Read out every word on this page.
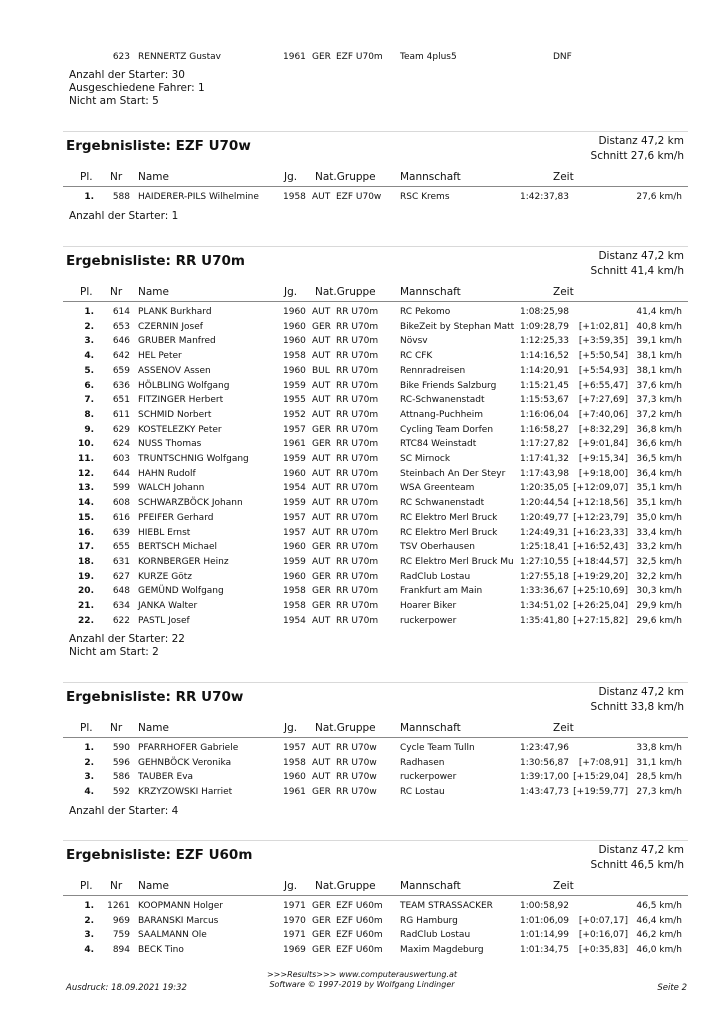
623 RENNERTZ Gustav	1961 GER EZF U70m Team 4plus5	DNF
Anzahl der Starter: 30
Ausgeschiedene Fahrer: 1
Nicht am Start: 5
Ergebnisliste: EZF U70w	Distanz 47,2 km
Schnitt 27,6 km/h
Pl. Nr Name	Jg. Nat.Gruppe Mannschaft	Zeit
1.	588 HAIDERER-PILS Wilhelmine	1958 AUT EZF U70w RSC Krems	1:42:37,83	27,6 km/h
Anzahl der Starter: 1
Ergebnisliste: RR U70m	Distanz 47,2 km
Schnitt 41,4 km/h
Pl. Nr Name	Jg. Nat.Gruppe Mannschaft	Zeit
1.	614 PLANK Burkhard	1960 AUT RR U70m RC Pekomo	1:08:25,98	41,4 km/h
2.	653 CZERNIN Josef	1960 GER RR U70m BikeZeit by Stephan Matt 1:09:28,79	[+1:02,81] 40,8 km/h
3.	646 GRUBER Manfred	1960 AUT RR U70m Növsv	1:12:25,33	[+3:59,35] 39,1 km/h
4.	642 HEL Peter	1958 AUT RR U70m RC CFK	1:14:16,52	[+5:50,54] 38,1 km/h
5.	659 ASSENOV Assen	1960 BUL RR U70m Rennradreisen	1:14:20,91	[+5:54,93] 38,1 km/h
6.	636 HÖLBLING Wolfgang	1959 AUT RR U70m Bike Friends Salzburg	1:15:21,45	[+6:55,47] 37,6 km/h
7.	651 FITZINGER Herbert	1955 AUT RR U70m RC-Schwanenstadt	1:15:53,67	[+7:27,69] 37,3 km/h
8.	611 SCHMID Norbert	1952 AUT RR U70m Attnang-Puchheim	1:16:06,04	[+7:40,06] 37,2 km/h
9.	629 KOSTELEZKY Peter	1957 GER RR U70m Cycling Team Dorfen	1:16:58,27	[+8:32,29] 36,8 km/h
10.	624 NUSS Thomas	1961 GER RR U70m RTC84 Weinstadt	1:17:27,82	[+9:01,84] 36,6 km/h
11.	603 TRUNTSCHNIG Wolfgang	1959 AUT RR U70m SC Mirnock	1:17:41,32	[+9:15,34] 36,5 km/h
12.	644 HAHN Rudolf	1960 AUT RR U70m Steinbach An Der Steyr 1:17:43,98	[+9:18,00] 36,4 km/h
13.	599 WALCH Johann	1954 AUT RR U70m WSA Greenteam	1:20:35,05 [+12:09,07] 35,1 km/h
14.	608 SCHWARZBÖCK Johann	1959 AUT RR U70m RC Schwanenstadt	1:20:44,54 [+12:18,56] 35,1 km/h
15.	616 PFEIFER Gerhard	1957 AUT RR U70m RC Elektro Merl Bruck	1:20:49,77 [+12:23,79] 35,0 km/h
16.	639 HIEBL Ernst	1957 AUT RR U70m RC Elektro Merl Bruck	1:24:49,31 [+16:23,33] 33,4 km/h
17.	655 BERTSCH Michael	1960 GER RR U70m TSV Oberhausen	1:25:18,41 [+16:52,43] 33,2 km/h
18.	631 KORNBERGER Heinz	1959 AUT RR U70m RC Elektro Merl Bruck Mu 1:27:10,55 [+18:44,57] 32,5 km/h
19.	627 KURZE Götz	1960 GER RR U70m RadClub Lostau	1:27:55,18 [+19:29,20] 32,2 km/h
20.	648 GEMÜND Wolfgang	1958 GER RR U70m Frankfurt am Main	1:33:36,67 [+25:10,69] 30,3 km/h
21.	634 JANKA Walter	1958 GER RR U70m Hoarer Biker	1:34:51,02 [+26:25,04] 29,9 km/h
22.	622 PASTL Josef	1954 AUT RR U70m ruckerpower	1:35:41,80 [+27:15,82] 29,6 km/h
Anzahl der Starter: 22
Nicht am Start: 2
Ergebnisliste: RR U70w	Distanz 47,2 km
Schnitt 33,8 km/h
Pl. Nr Name	Jg. Nat.Gruppe Mannschaft	Zeit
1.	590 PFARRHOFER Gabriele	1957 AUT RR U70w	Cycle Team Tulln	1:23:47,96	33,8 km/h
2.	596 GEHNBÖCK Veronika	1958 AUT RR U70w	Radhasen	1:30:56,87	[+7:08,91] 31,1 km/h
3.	586 TAUBER Eva	1960 AUT RR U70w	ruckerpower	1:39:17,00 [+15:29,04] 28,5 km/h
4.	592 KRZYZOWSKI Harriet	1961 GER RR U70w	RC Lostau	1:43:47,73 [+19:59,77] 27,3 km/h
Anzahl der Starter: 4
Ergebnisliste: EZF U60m	Distanz 47,2 km
Schnitt 46,5 km/h
Pl. Nr Name	Jg. Nat.Gruppe Mannschaft	Zeit
1.	1261 KOOPMANN Holger	1971 GER EZF U60m TEAM STRASSACKER	1:00:58,92	46,5 km/h
2.	969 BARANSKI Marcus	1970 GER EZF U60m RG Hamburg	1:01:06,09	[+0:07,17] 46,4 km/h
3.	759 SAALMANN Ole	1971 GER EZF U60m RadClub Lostau	1:01:14,99	[+0:16,07] 46,2 km/h
4.	894 BECK Tino	1969 GER EZF U60m Maxim Magdeburg	1:01:34,75	[+0:35,83] 46,0 km/h
Ausdruck: 18.09.2021 19:32
>>>Results>>> www.computerauswertung.at
Software © 1997-2019 by Wolfgang Lindinger	Seite 2
